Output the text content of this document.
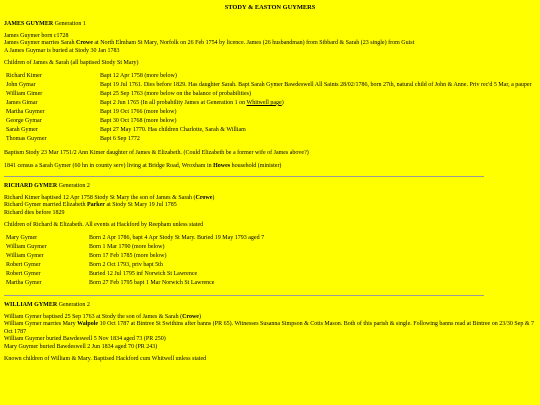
STODY & EASTON GUYMERS
JAMES GUYMER Generation 1

James Guymer born c1728

James Guymer marries Sarah Crowe at North Elmham St Mary, Norfolk on 26 Feb 1754 by licence. James (26 husbandman) from Sibbard & Sarah (23 single) from Guist

A James Guymar is buried at Stody 30 Jan 1783

Children of James & Sarah (all baptised Stody St Mary)

Richard Kimer	Bapt 12 Apr 1758 (more below)
John Gymar	Bapt 19 Jul 1761. Dies before 1829. Has daughter Sarah. Bapt Sarah Gymer Bawdeswell All Saints 28/02/1786, born 27th, natural child of John & Anne. Priv rec'd 5 Mar, a pauper
William Gimer	Bapt 25 Sep 1763 (more below on the balance of probabilities)
James Gimar	Bapt 2 Jun 1765 (In all probability James at Generation 1 on Whitwell page)
Martha Guymer	Bapt 19 Oct 1766 (more below)
George Gymar	Bapt 30 Oct 1768 (more below)
Sarah Gymer	Bapt 27 May 1770. Has children Charlotte, Sarah & William
Thomas Guymer	Bapt 6 Sep 1772

Baptism Stody 23 Mar 1751/2 Ann Kimer daughter of James & Elizabeth. (Could Elizabeth be a former wife of James above?)

1841 census a Sarah Gymer (60 hn in county serv) living at Bridge Road, Wroxham in Howes household (minister)

RICHARD GYMER Generation 2

Richard Kimer baptised 12 Apr 1758 Stody St Mary the son of James & Sarah (Crowe)

Richard Gymer married Elizabeth Parker at Stody St Mary 19 Jul 1785

Richard dies before 1829

Children of Richard & Elizabeth. All events at Hackford by Reepham unless stated

Mary Gymer	Born 2 Apr 1786, bapt 4 Apr Stody St Mary. Buried 19 May 1793 aged 7
William Guymer	Born 1 Mar 1790 (more below)
William Gymer	Born 17 Feb 1785 (more below)
Robert Gymer	Born 2 Oct 1793, priv bapt 5th
Robert Gymer	Buried 12 Jul 1795 inf Norwich St Lawrence
Martha Gymer	Born 27 Feb 1795 bapt 1 Mar Norwich St Lawrence
WILLIAM GYMER Generation 2

William Gymer baptised 25 Sep 1763 at Stody the son of James & Sarah (Crowe)

William Gymer marries Mary Walpole 10 Oct 1787 at Bintree St Swithins after banns (PR 65). Witnesses Susanna Simpson & Cotts Mason. Both of this parish & single. Following banns read at Bintree on 23/30 Sep & 7 Oct 1787

William Guymer buried Bawdeswell 5 Nov 1834 aged 73 (PR 250)

Mary Guymer buried Bawdeswell 2 Jun 1834 aged 70 (PR 243)

Known children of William & Mary. Baptised Hackford cum Whitwell unless stated
